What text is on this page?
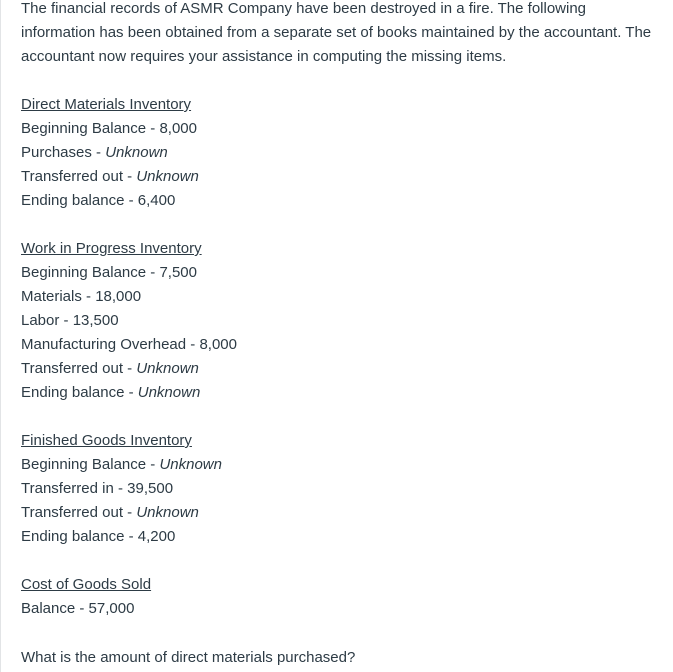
The financial records of ASMR Company have been destroyed in a fire. The following information has been obtained from a separate set of books maintained by the accountant. The accountant now requires your assistance in computing the missing items.

Direct Materials Inventory
Beginning Balance - 8,000
Purchases - Unknown
Transferred out - Unknown
Ending balance - 6,400
Work in Progress Inventory
Beginning Balance - 7,500
Materials - 18,000
Labor - 13,500
Manufacturing Overhead - 8,000
Transferred out - Unknown
Ending balance - Unknown
Finished Goods Inventory
Beginning Balance - Unknown
Transferred in - 39,500
Transferred out - Unknown
Ending balance - 4,200
Cost of Goods Sold
Balance - 57,000
What is the amount of direct materials purchased?
